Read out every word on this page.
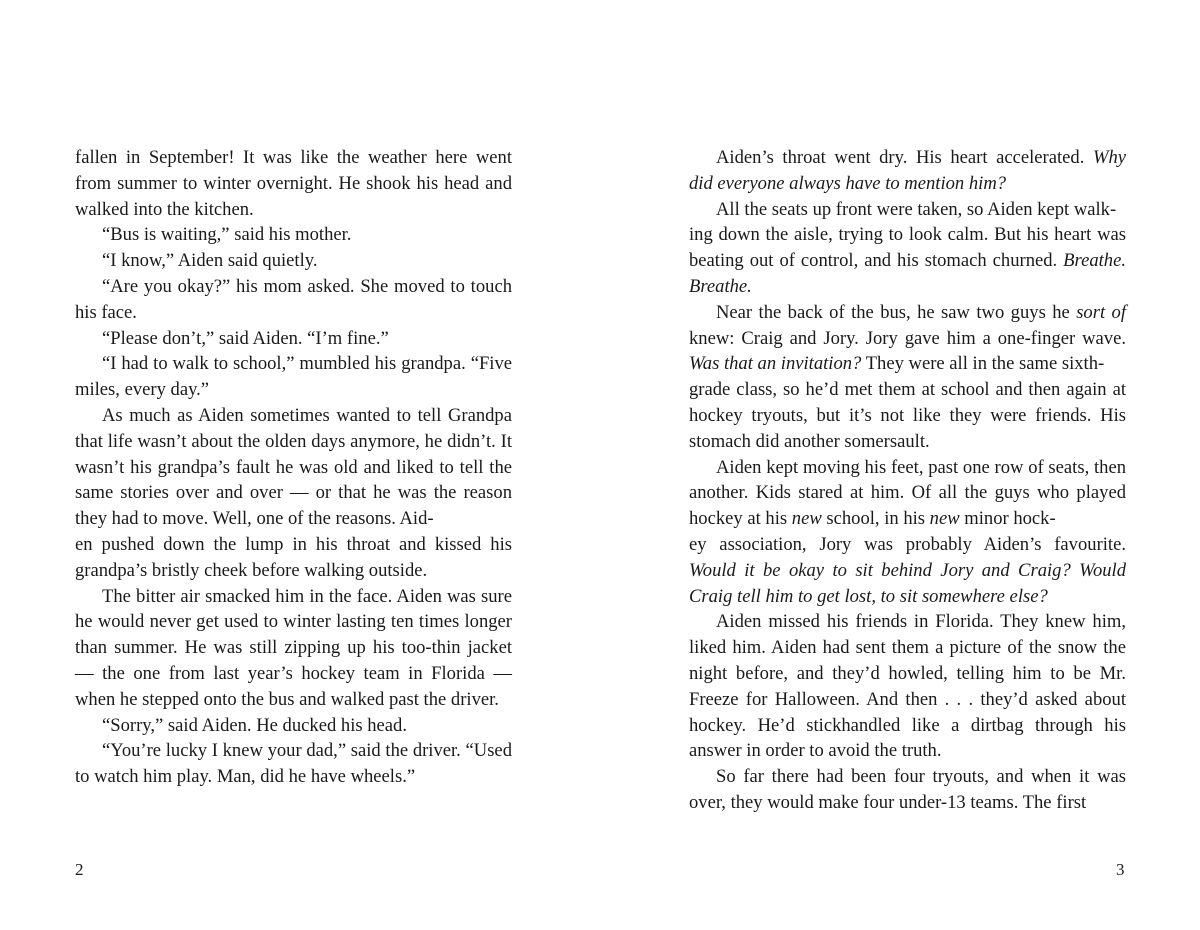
fallen in September! It was like the weather here went from summer to winter overnight. He shook his head and walked into the kitchen.

“Bus is waiting,” said his mother.

“I know,” Aiden said quietly.

“Are you okay?” his mom asked. She moved to touch his face.

“Please don’t,” said Aiden. “I’m fine.”

“I had to walk to school,” mumbled his grandpa. “Five miles, every day.”

As much as Aiden sometimes wanted to tell Grandpa that life wasn’t about the olden days anymore, he didn’t. It wasn’t his grandpa’s fault he was old and liked to tell the same stories over and over — or that he was the reason they had to move. Well, one of the reasons. Aid-
en pushed down the lump in his throat and kissed his grandpa’s bristly cheek before walking outside.

The bitter air smacked him in the face. Aiden was sure he would never get used to winter lasting ten times longer than summer. He was still zipping up his too-thin jacket — the one from last year’s hockey team in Florida — when he stepped onto the bus and walked past the driver.

“Sorry,” said Aiden. He ducked his head.

“You’re lucky I knew your dad,” said the driver. “Used to watch him play. Man, did he have wheels.”

2

Aiden’s throat went dry. His heart accelerated. Why did everyone always have to mention him?

All the seats up front were taken, so Aiden kept walk-
ing down the aisle, trying to look calm. But his heart was beating out of control, and his stomach churned. Breathe. Breathe.

Near the back of the bus, he saw two guys he sort of knew: Craig and Jory. Jory gave him a one-finger wave. Was that an invitation? They were all in the same sixth-
grade class, so he’d met them at school and then again at hockey tryouts, but it’s not like they were friends. His stomach did another somersault.

Aiden kept moving his feet, past one row of seats, then another. Kids stared at him. Of all the guys who played hockey at his new school, in his new minor hock-
ey association, Jory was probably Aiden’s favourite. Would it be okay to sit behind Jory and Craig? Would Craig tell him to get lost, to sit somewhere else?

Aiden missed his friends in Florida. They knew him, liked him. Aiden had sent them a picture of the snow the night before, and they’d howled, telling him to be Mr. Freeze for Halloween. And then . . . they’d asked about hockey. He’d stickhandled like a dirtbag through his answer in order to avoid the truth.

So far there had been four tryouts, and when it was over, they would make four under-13 teams. The first

3
